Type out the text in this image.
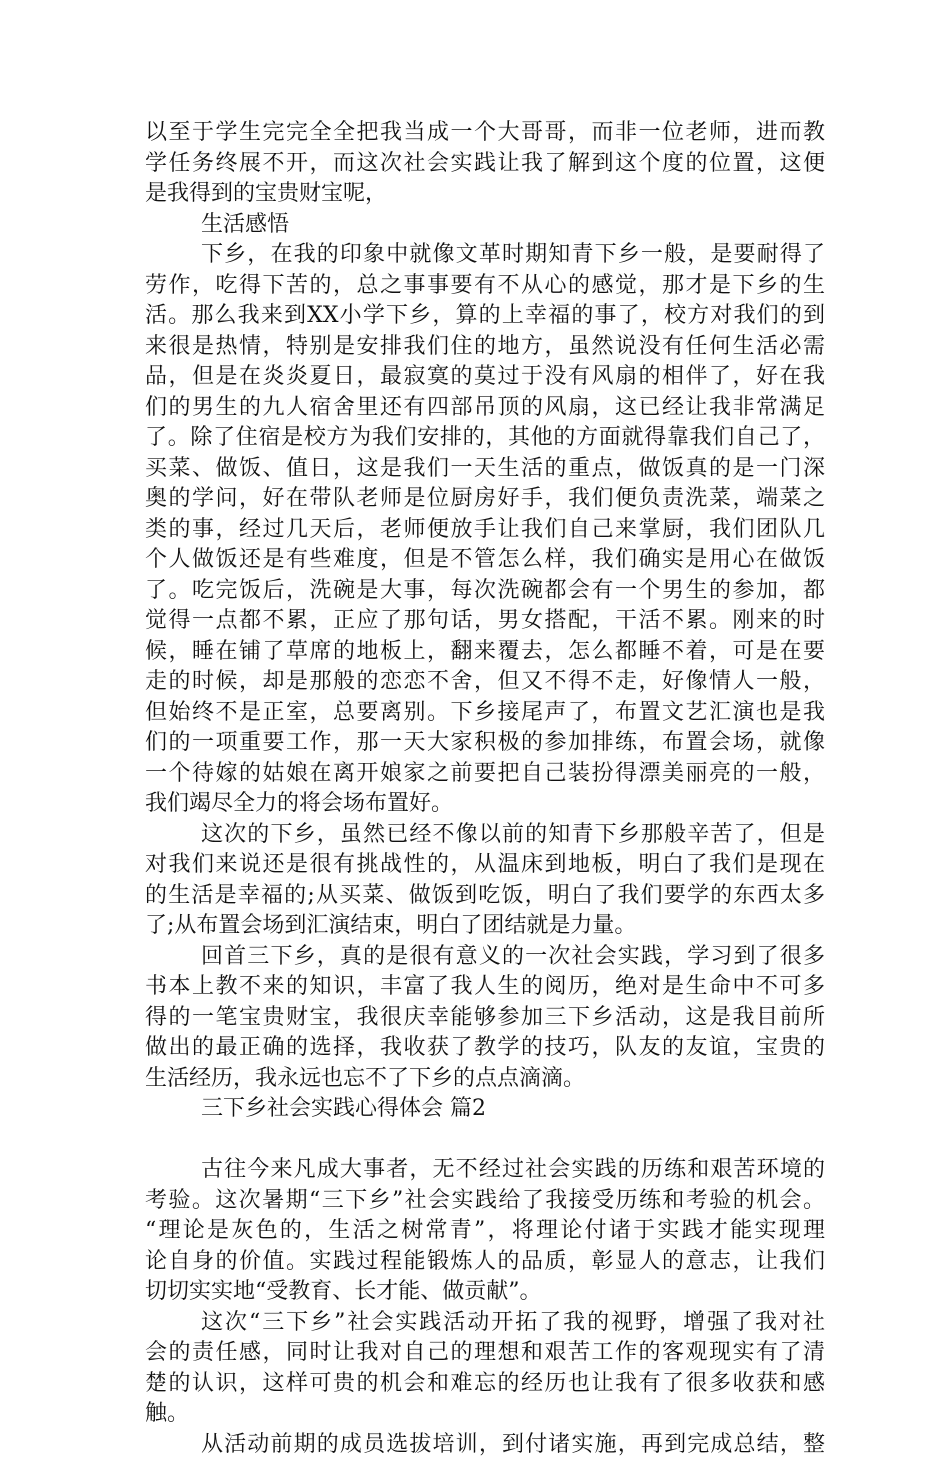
以至于学生完完全全把我当成一个大哥哥，而非一位老师，进而教
学任务终展不开，而这次社会实践让我了解到这个度的位置，这便
是我得到的宝贵财宝呢，
生活感悟
下乡，在我的印象中就像文革时期知青下乡一般，是要耐得了
劳作，吃得下苦的，总之事事要有不从心的感觉，那才是下乡的生
活。那么我来到XX小学下乡，算的上幸福的事了，校方对我们的到
来很是热情，特别是安排我们住的地方，虽然说没有任何生活必需
品，但是在炎炎夏日，最寂寞的莫过于没有风扇的相伴了，好在我
们的男生的九人宿舍里还有四部吊顶的风扇，这已经让我非常满足
了。除了住宿是校方为我们安排的，其他的方面就得靠我们自己了，
买菜、做饭、值日，这是我们一天生活的重点，做饭真的是一门深
奥的学问，好在带队老师是位厨房好手，我们便负责洗菜，端菜之
类的事，经过几天后，老师便放手让我们自己来掌厨，我们团队几
个人做饭还是有些难度，但是不管怎么样，我们确实是用心在做饭
了。吃完饭后，洗碗是大事，每次洗碗都会有一个男生的参加，都
觉得一点都不累，正应了那句话，男女搭配，干活不累。刚来的时
候，睡在铺了草席的地板上，翻来覆去，怎么都睡不着，可是在要
走的时候，却是那般的恋恋不舍，但又不得不走，好像情人一般，
但始终不是正室，总要离别。下乡接尾声了，布置文艺汇演也是我
们的一项重要工作，那一天大家积极的参加排练，布置会场，就像
一个待嫁的姑娘在离开娘家之前要把自己装扮得漂美丽亮的一般，
我们竭尽全力的将会场布置好。
这次的下乡，虽然已经不像以前的知青下乡那般辛苦了，但是
对我们来说还是很有挑战性的，从温床到地板，明白了我们是现在
的生活是幸福的;从买菜、做饭到吃饭，明白了我们要学的东西太多
了;从布置会场到汇演结束，明白了团结就是力量。
回首三下乡，真的是很有意义的一次社会实践，学习到了很多
书本上教不来的知识，丰富了我人生的阅历，绝对是生命中不可多
得的一笔宝贵财宝，我很庆幸能够参加三下乡活动，这是我目前所
做出的最正确的选择，我收获了教学的技巧，队友的友谊，宝贵的
生活经历，我永远也忘不了下乡的点点滴滴。
三下乡社会实践心得体会 篇2
古往今来凡成大事者，无不经过社会实践的历练和艰苦环境的
考验。这次暑期“三下乡”社会实践给了我接受历练和考验的机会。
“理论是灰色的，生活之树常青”，将理论付诸于实践才能实现理
论自身的价值。实践过程能锻炼人的品质，彰显人的意志，让我们
切切实实地“受教育、长才能、做贡献”。
这次“三下乡”社会实践活动开拓了我的视野，增强了我对社
会的责任感，同时让我对自己的理想和艰苦工作的客观现实有了清
楚的认识，这样可贵的机会和难忘的经历也让我有了很多收获和感
触。
从活动前期的成员选拔培训，到付诸实施，再到完成总结，整
